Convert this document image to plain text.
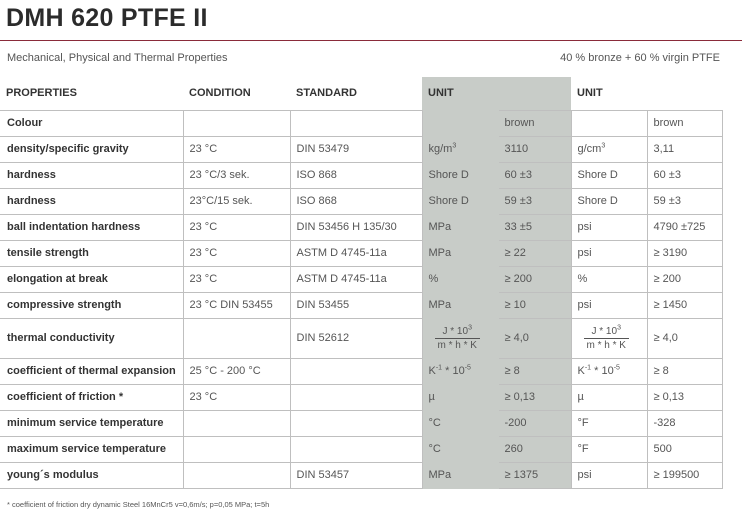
DMH 620 PTFE II
Mechanical, Physical and Thermal Properties	40 % bronze + 60 % virgin PTFE
PROPERTIES	CONDITION	STANDARD	UNIT		UNIT	
Colour				brown		brown
density/specific gravity	23 °C	DIN 53479	$kg/m^3$	3110	$g/cm^3$	3,11
hardness	23 °C/3 sek.	ISO 868	Shore D	60 ±3	Shore D	60 ±3
hardness	23°C/15 sek.	ISO 868	Shore D	59 ±3	Shore D	59 ±3
ball indentation hardness	23 °C	DIN 53456 H 135/30	MPa	33 ±5	psi	4790 ±725
tensile strength	23 °C	ASTM D 4745-11a	MPa	≥ 22	psi	≥ 3190
elongation at break	23 °C	ASTM D 4745-11a	%	≥ 200	%	≥ 200
compressive strength	23 °C DIN 53455	DIN 53455	MPa	≥ 10	psi	≥ 1450
thermal conductivity		DIN 52612	$\frac{J * 10^3}{m * h * K}$	≥ 4,0	$\frac{J * 10^3}{m * h * K}$	≥ 4,0
coefficient of thermal expansion	25 °C - 200 °C		$K^{-1} * 10^{-5}$	≥ 8	$K^{-1} * 10^{-5}$	≥ 8
coefficient of friction *	23 °C		µ	≥ 0,13	µ	≥ 0,13
minimum service temperature			°C	-200	°F	-328
maximum service temperature			°C	260	°F	500
young´s modulus		DIN 53457	MPa	≥ 1375	psi	≥ 199500
* coefficient of friction dry dynamic Steel 16MnCr5 v=0,6m/s; p=0,05 MPa; t=5h
